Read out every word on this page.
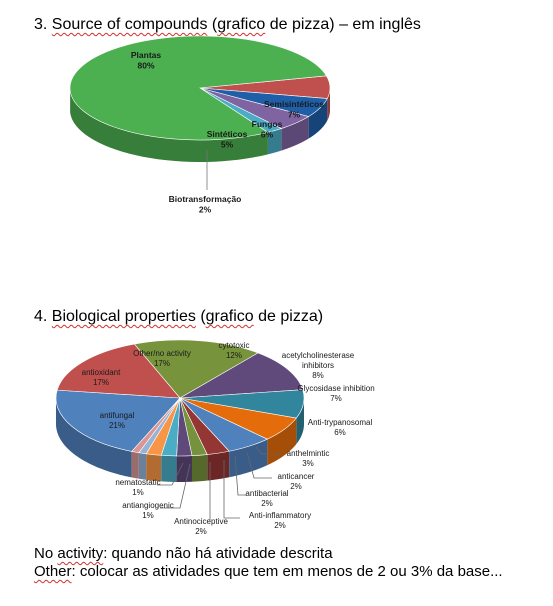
3. Source of compounds (grafico de pizza) – em inglês
Plantas 80%
Semisintéticos 7%
Fungos 6%
Sintéticos 5%
Biotransformação 2%
4. Biological properties (grafico de pizza)
Other/no activity 17%
cytotoxic 12%	acetylcholinesterase inhibitors 8%
Glycosidase inhibition 7%
Anti-trypanosomal 6%
anthelmintic 3%
anticancer 2%
antibacterial 2%
Anti-inflammatory 2%
Antinociceptive 2%
antiangiogenic 1%
nematostatic 1%
antifungal 21%
antioxidant 17%
No activity: quando não há atividade descrita
Other: colocar as atividades que tem em menos de 2 ou 3% da base...
